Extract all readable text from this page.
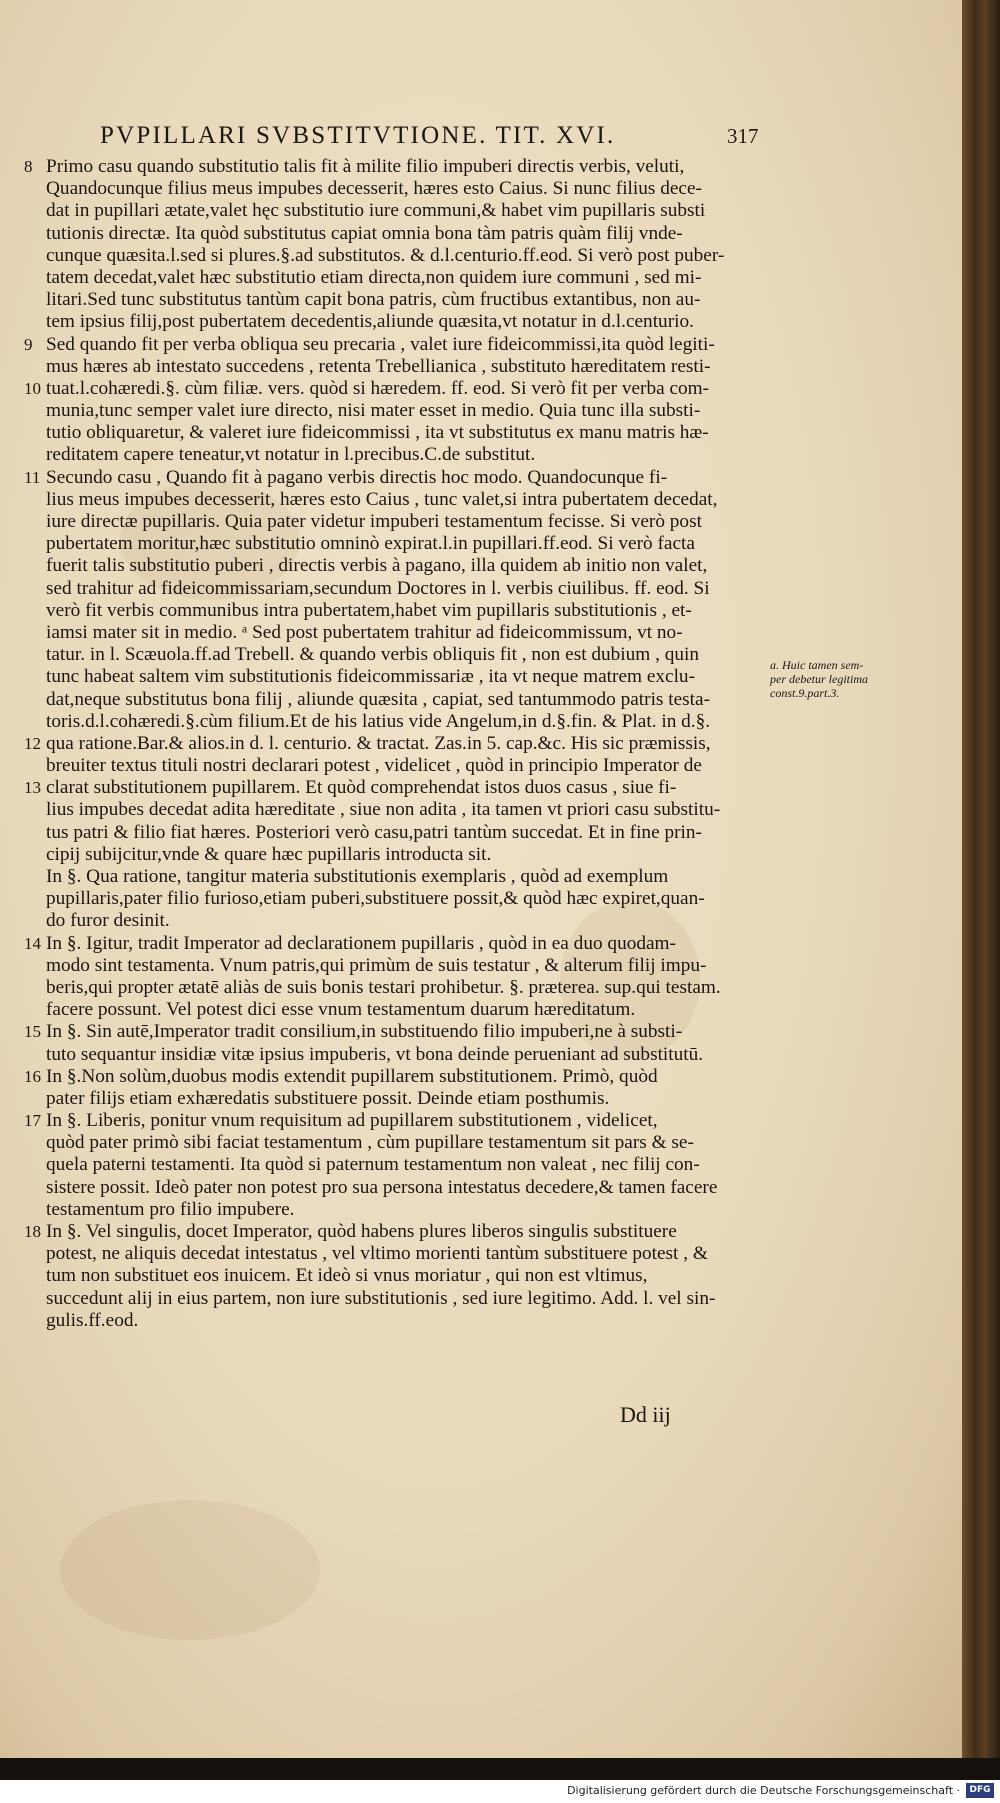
PVPILLARI SVBSTITVTIONE. TIT. XVI.	317
8 Primo casu quando substitutio talis fit à milite filio impuberi directis verbis, veluti,
Quandocunque filius meus impubes decesserit, hæres esto Caius. Si nunc filius dece-
dat in pupillari ætate,valet hęc substitutio iure communi,& habet vim pupillaris substi
tutionis directæ. Ita quòd substitutus capiat omnia bona tàm patris quàm filij vnde-
cunque quæsita.l.sed si plures.§.ad substitutos. & d.l.centurio.ff.eod. Si verò post puber-
tatem decedat,valet hæc substitutio etiam directa,non quidem iure communi , sed mi-
litari.Sed tunc substitutus tantùm capit bona patris, cùm fructibus extantibus, non au-
tem ipsius filij,post pubertatem decedentis,aliunde quæsita,vt notatur in d.l.centurio.
9 Sed quando fit per verba obliqua seu precaria , valet iure fideicommissi,ita quòd legiti-
mus hæres ab intestato succedens , retenta Trebellianica , substituto hæreditatem resti-
10 tuat.l.cohæredi.§. cùm filiæ. vers. quòd si hæredem. ff. eod. Si verò fit per verba com-
munia,tunc semper valet iure directo, nisi mater esset in medio. Quia tunc illa substi-
tutio obliquaretur, & valeret iure fideicommissi , ita vt substitutus ex manu matris hæ-
reditatem capere teneatur,vt notatur in l.precibus.C.de substitut.
11 Secundo casu , Quando fit à pagano verbis directis hoc modo. Quandocunque fi-
lius meus impubes decesserit, hæres esto Caius , tunc valet,si intra pubertatem decedat,
iure directæ pupillaris. Quia pater videtur impuberi testamentum fecisse. Si verò post
pubertatem moritur,hæc substitutio omninò expirat.l.in pupillari.ff.eod. Si verò facta
fuerit talis substitutio puberi , directis verbis à pagano, illa quidem ab initio non valet,
sed trahitur ad fideicommissariam,secundum Doctores in l. verbis ciuilibus. ff. eod. Si
verò fit verbis communibus intra pubertatem,habet vim pupillaris substitutionis , et-
iamsi mater sit in medio. ᵃ Sed post pubertatem trahitur ad fideicommissum, vt no-
tatur. in l. Scæuola.ff.ad Trebell. & quando verbis obliquis fit , non est dubium , quin
tunc habeat saltem vim substitutionis fideicommissariæ , ita vt neque matrem exclu-
dat,neque substitutus bona filij , aliunde quæsita , capiat, sed tantummodo patris testa-
toris.d.l.cohæredi.§.cùm filium.Et de his latius vide Angelum,in d.§.fin. & Plat. in d.§.
12 qua ratione.Bar.& alios.in d. l. centurio. & tractat. Zas.in 5. cap.&c. His sic præmissis,
breuiter textus tituli nostri declarari potest , videlicet , quòd in principio Imperator de
13 clarat substitutionem pupillarem. Et quòd comprehendat istos duos casus , siue fi-
lius impubes decedat adita hæreditate , siue non adita , ita tamen vt priori casu substitu-
tus patri & filio fiat hæres. Posteriori verò casu,patri tantùm succedat. Et in fine prin-
cipij subijcitur,vnde & quare hæc pupillaris introducta sit.
In §. Qua ratione, tangitur materia substitutionis exemplaris , quòd ad exemplum
pupillaris,pater filio furioso,etiam puberi,substituere possit,& quòd hæc expiret,quan-
do furor desinit.
14 In §. Igitur, tradit Imperator ad declarationem pupillaris , quòd in ea duo quodam-
modo sint testamenta. Vnum patris,qui primùm de suis testatur , & alterum filij impu-
beris,qui propter ætatē aliàs de suis bonis testari prohibetur. §. præterea. sup.qui testam.
facere possunt. Vel potest dici esse vnum testamentum duarum hæreditatum.
15 In §. Sin autē,Imperator tradit consilium,in substituendo filio impuberi,ne à substi-
tuto sequantur insidiæ vitæ ipsius impuberis, vt bona deinde perueniant ad substitutū.
16 In §.Non solùm,duobus modis extendit pupillarem substitutionem. Primò, quòd
pater filijs etiam exhæredatis substituere possit. Deinde etiam posthumis.
17 In §. Liberis, ponitur vnum requisitum ad pupillarem substitutionem , videlicet,
quòd pater primò sibi faciat testamentum , cùm pupillare testamentum sit pars & se-
quela paterni testamenti. Ita quòd si paternum testamentum non valeat , nec filij con-
sistere possit. Ideò pater non potest pro sua persona intestatus decedere,& tamen facere
testamentum pro filio impubere.
18 In §. Vel singulis, docet Imperator, quòd habens plures liberos singulis substituere
potest, ne aliquis decedat intestatus , vel vltimo morienti tantùm substituere potest , &
tum non substituet eos inuicem. Et ideò si vnus moriatur , qui non est vltimus,
succedunt alij in eius partem, non iure substitutionis , sed iure legitimo. Add. l. vel sin-
gulis.ff.eod.
a. Huic tamen sem-
per debetur legitima
const.9.part.3.
Dd iij
Digitalisierung gefördert durch die Deutsche Forschungsgemeinschaft ·	DFG
